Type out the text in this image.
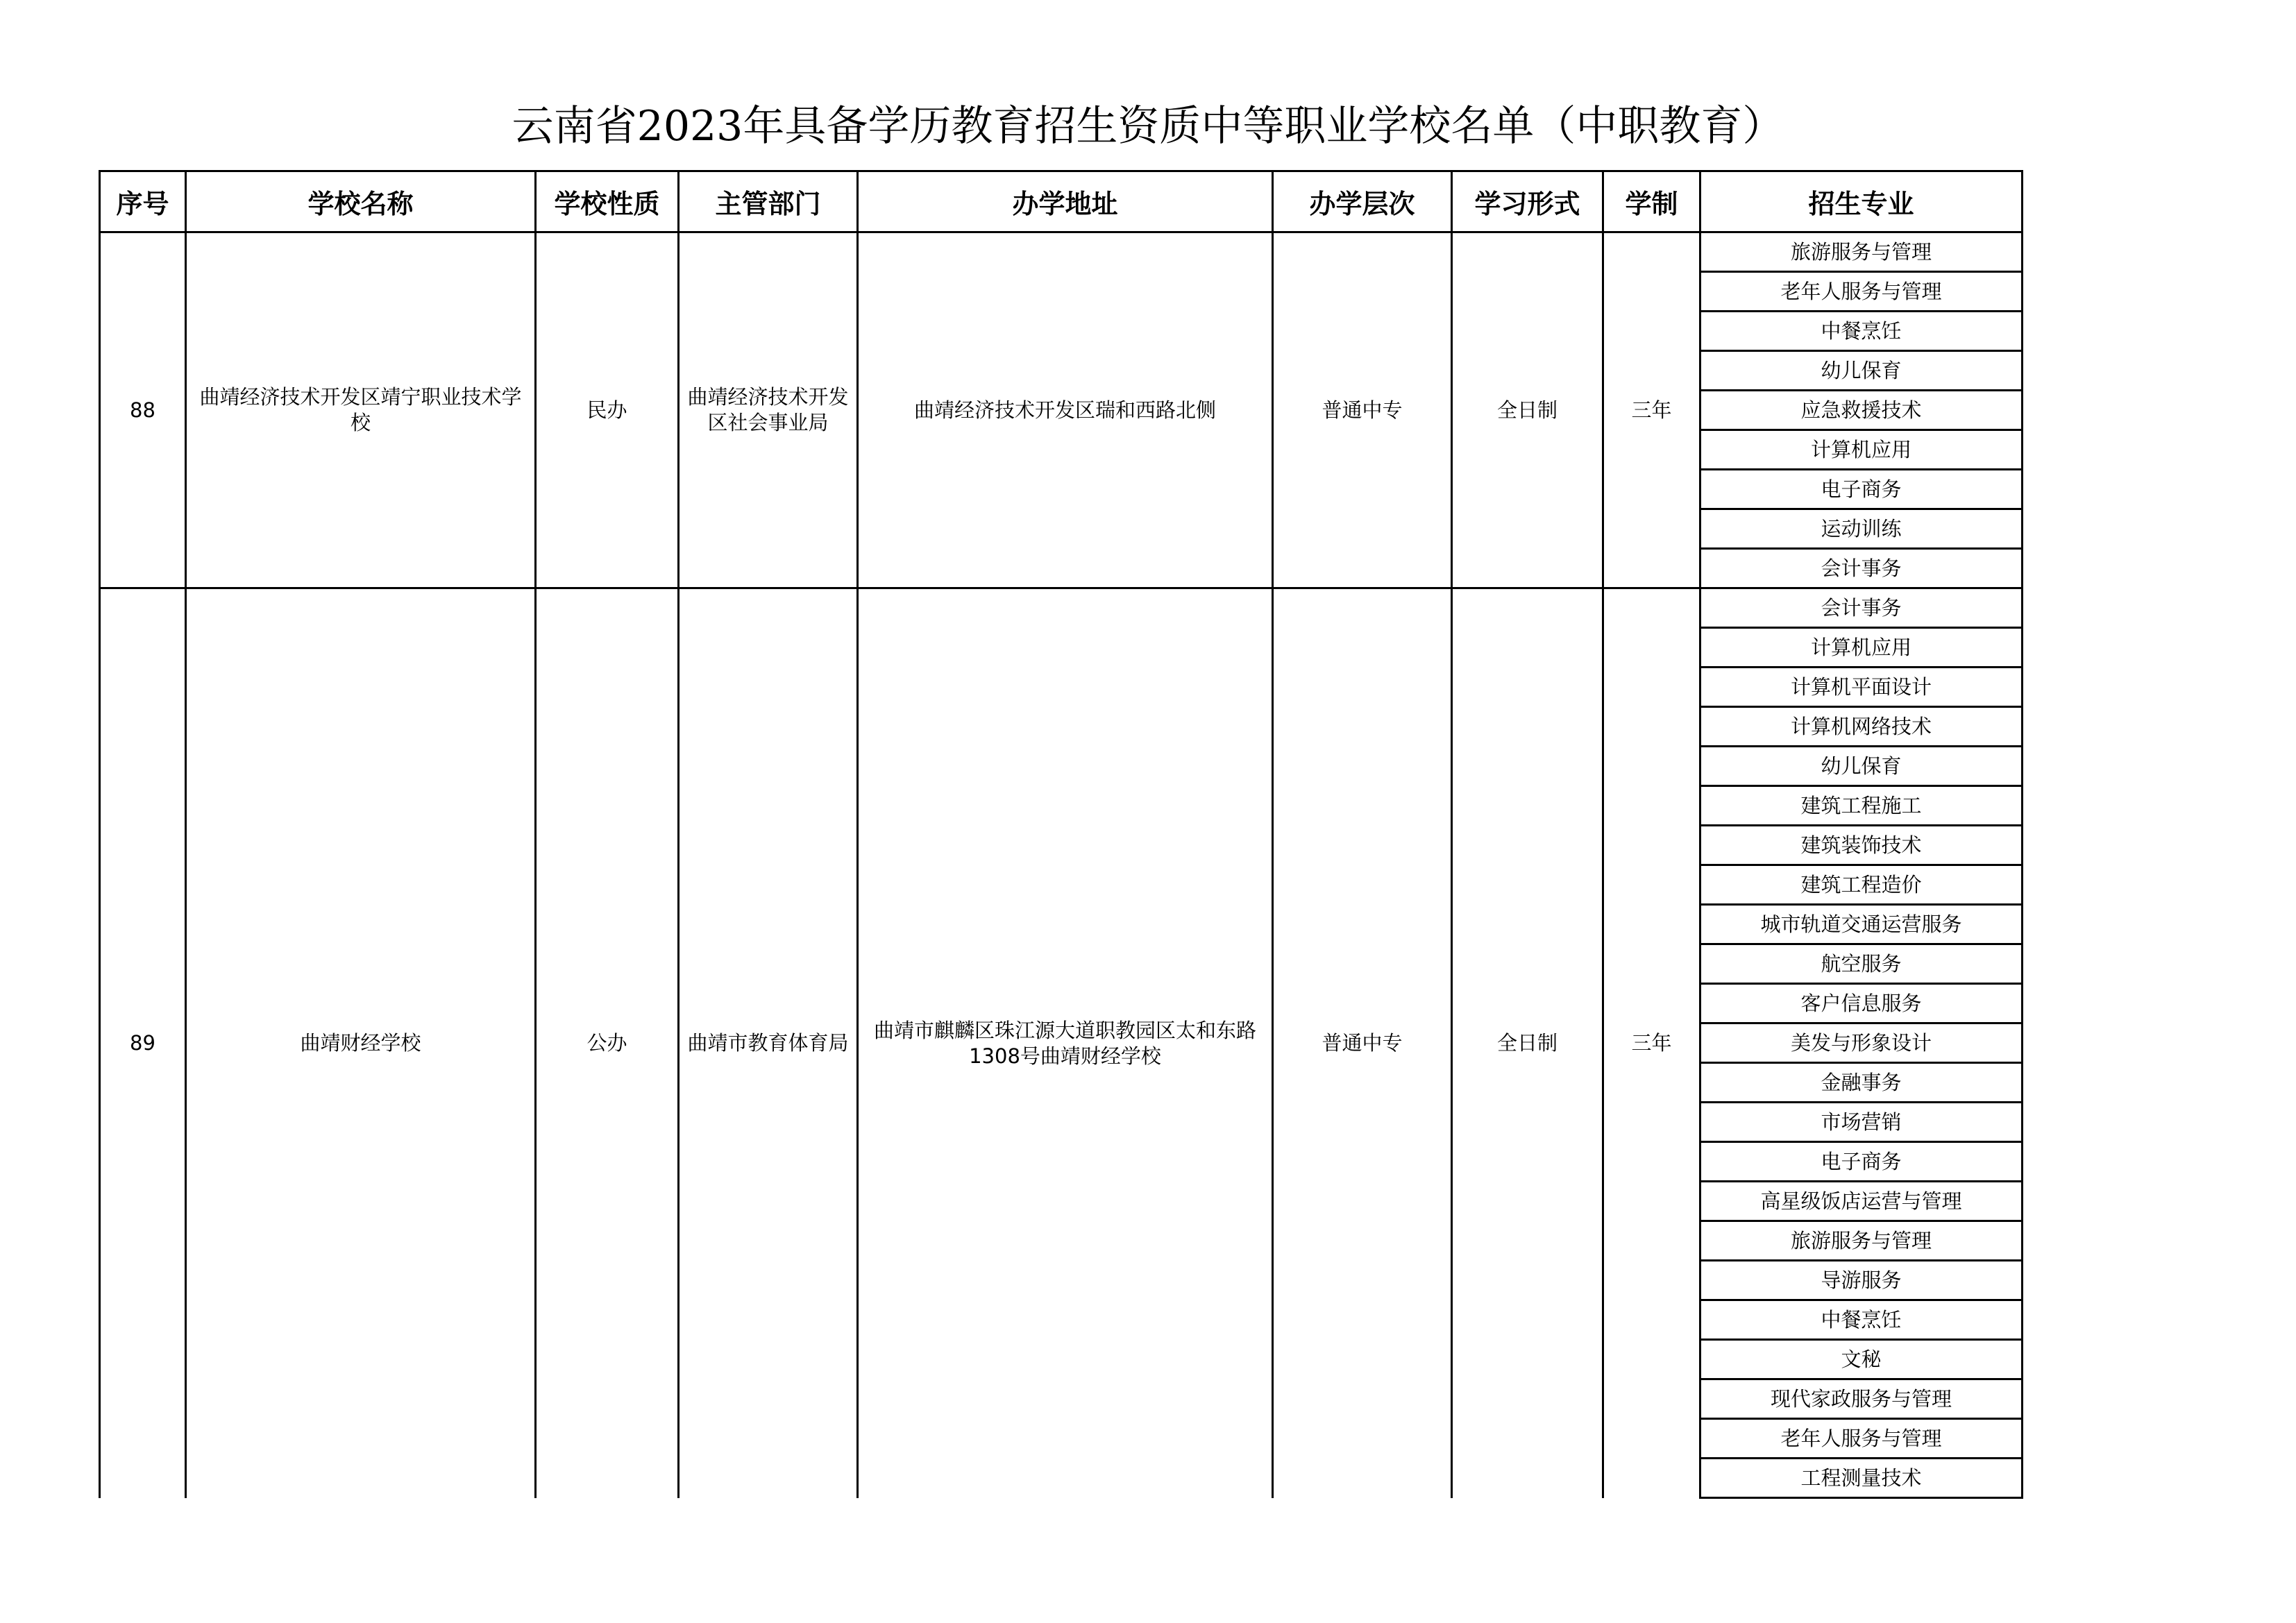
云南省2023年具备学历教育招生资质中等职业学校名单（中职教育）
序号	学校名称	学校性质	主管部门	办学地址	办学层次	学习形式	学制	招生专业
88	曲靖经济技术开发区靖宁职业技术学校	民办	曲靖经济技术开发区社会事业局	曲靖经济技术开发区瑞和西路北侧	普通中专	全日制	三年	旅游服务与管理
								老年人服务与管理
								中餐烹饪
								幼儿保育
								应急救援技术
								计算机应用
								电子商务
								运动训练
								会计事务
89	曲靖财经学校	公办	曲靖市教育体育局	曲靖市麒麟区珠江源大道职教园区太和东路1308号曲靖财经学校	普通中专	全日制	三年	会计事务
								计算机应用
								计算机平面设计
								计算机网络技术
								幼儿保育
								建筑工程施工
								建筑装饰技术
								建筑工程造价
								城市轨道交通运营服务
								航空服务
								客户信息服务
								美发与形象设计
								金融事务
								市场营销
								电子商务
								高星级饭店运营与管理
								旅游服务与管理
								导游服务
								中餐烹饪
								文秘
								现代家政服务与管理
								老年人服务与管理
								工程测量技术
